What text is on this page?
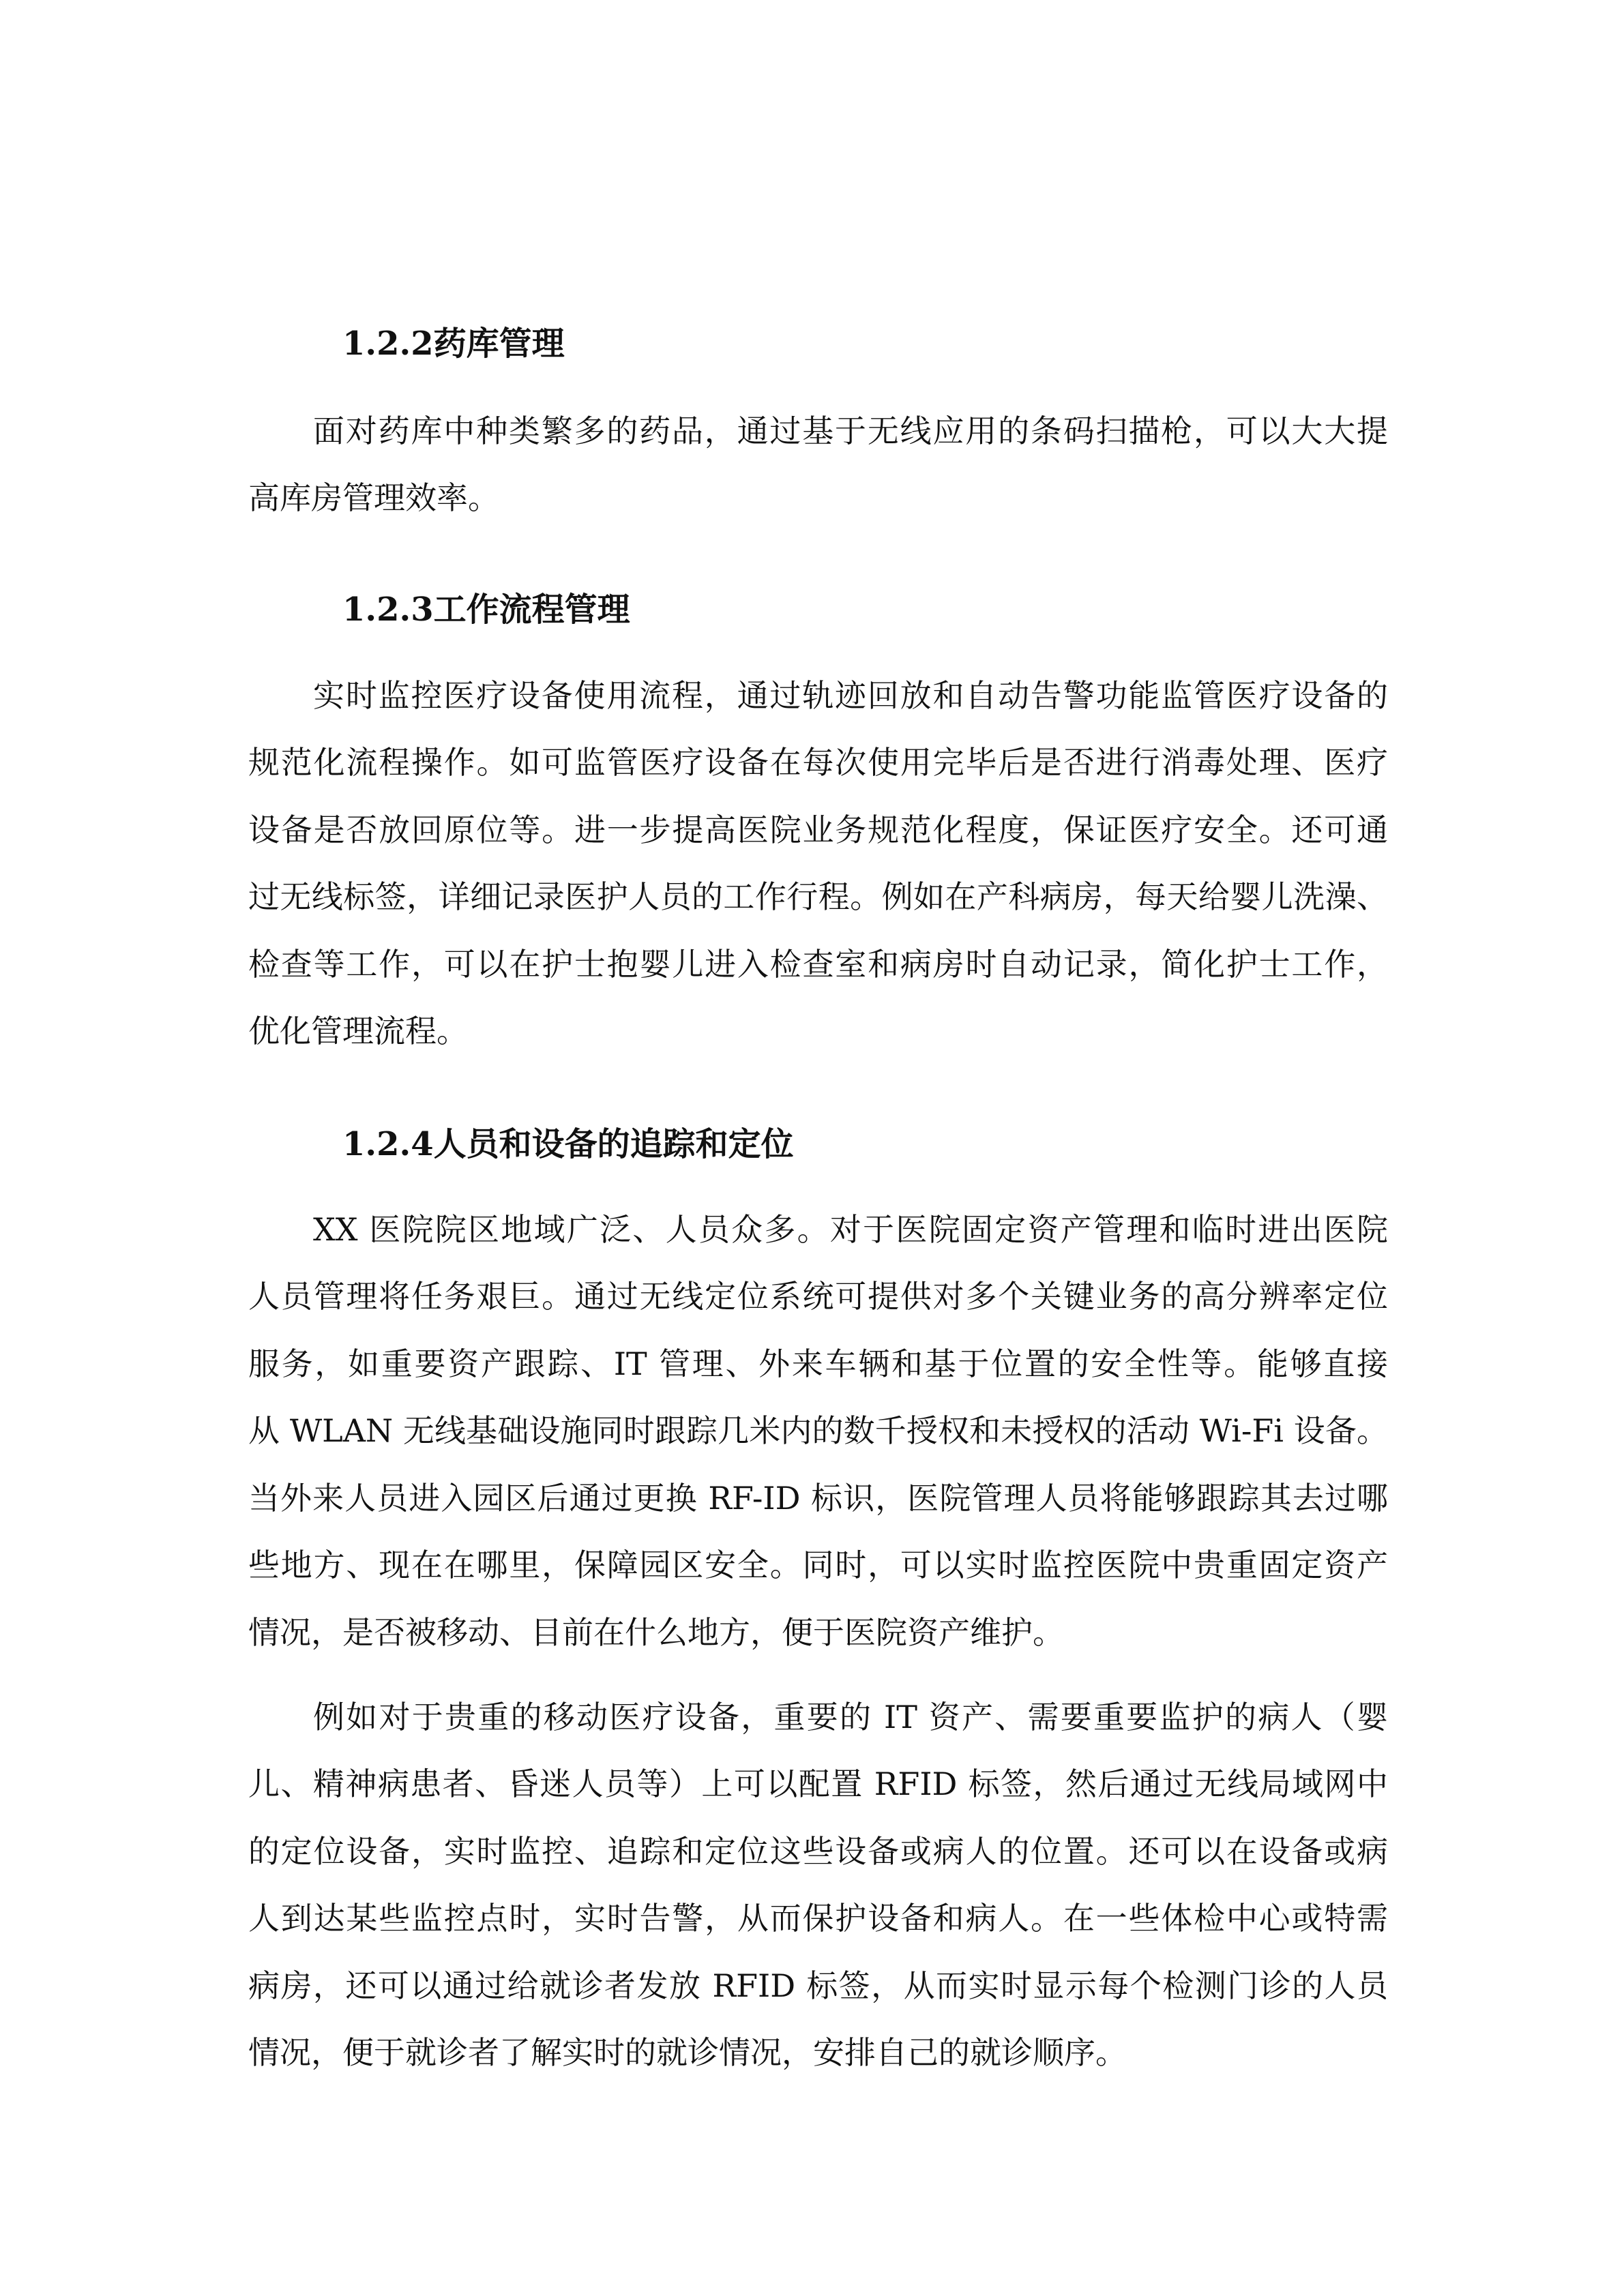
1.2.2药库管理
面对药库中种类繁多的药品，通过基于无线应用的条码扫描枪，可以大大提
高库房管理效率。
1.2.3工作流程管理
实时监控医疗设备使用流程，通过轨迹回放和自动告警功能监管医疗设备的
规范化流程操作。如可监管医疗设备在每次使用完毕后是否进行消毒处理、医疗
设备是否放回原位等。进一步提高医院业务规范化程度，保证医疗安全。还可通
过无线标签，详细记录医护人员的工作行程。例如在产科病房，每天给婴儿洗澡、
检查等工作，可以在护士抱婴儿进入检查室和病房时自动记录，简化护士工作，
优化管理流程。
1.2.4人员和设备的追踪和定位
XX 医院院区地域广泛、人员众多。对于医院固定资产管理和临时进出医院
人员管理将任务艰巨。通过无线定位系统可提供对多个关键业务的高分辨率定位
服务，如重要资产跟踪、IT 管理、外来车辆和基于位置的安全性等。能够直接
从 WLAN 无线基础设施同时跟踪几米内的数千授权和未授权的活动 Wi-Fi 设备。
当外来人员进入园区后通过更换 RF-ID 标识，医院管理人员将能够跟踪其去过哪
些地方、现在在哪里，保障园区安全。同时，可以实时监控医院中贵重固定资产
情况，是否被移动、目前在什么地方，便于医院资产维护。
例如对于贵重的移动医疗设备，重要的 IT 资产、需要重要监护的病人（婴
儿、精神病患者、昏迷人员等）上可以配置 RFID 标签，然后通过无线局域网中
的定位设备，实时监控、追踪和定位这些设备或病人的位置。还可以在设备或病
人到达某些监控点时，实时告警，从而保护设备和病人。在一些体检中心或特需
病房，还可以通过给就诊者发放 RFID 标签，从而实时显示每个检测门诊的人员
情况，便于就诊者了解实时的就诊情况，安排自己的就诊顺序。
